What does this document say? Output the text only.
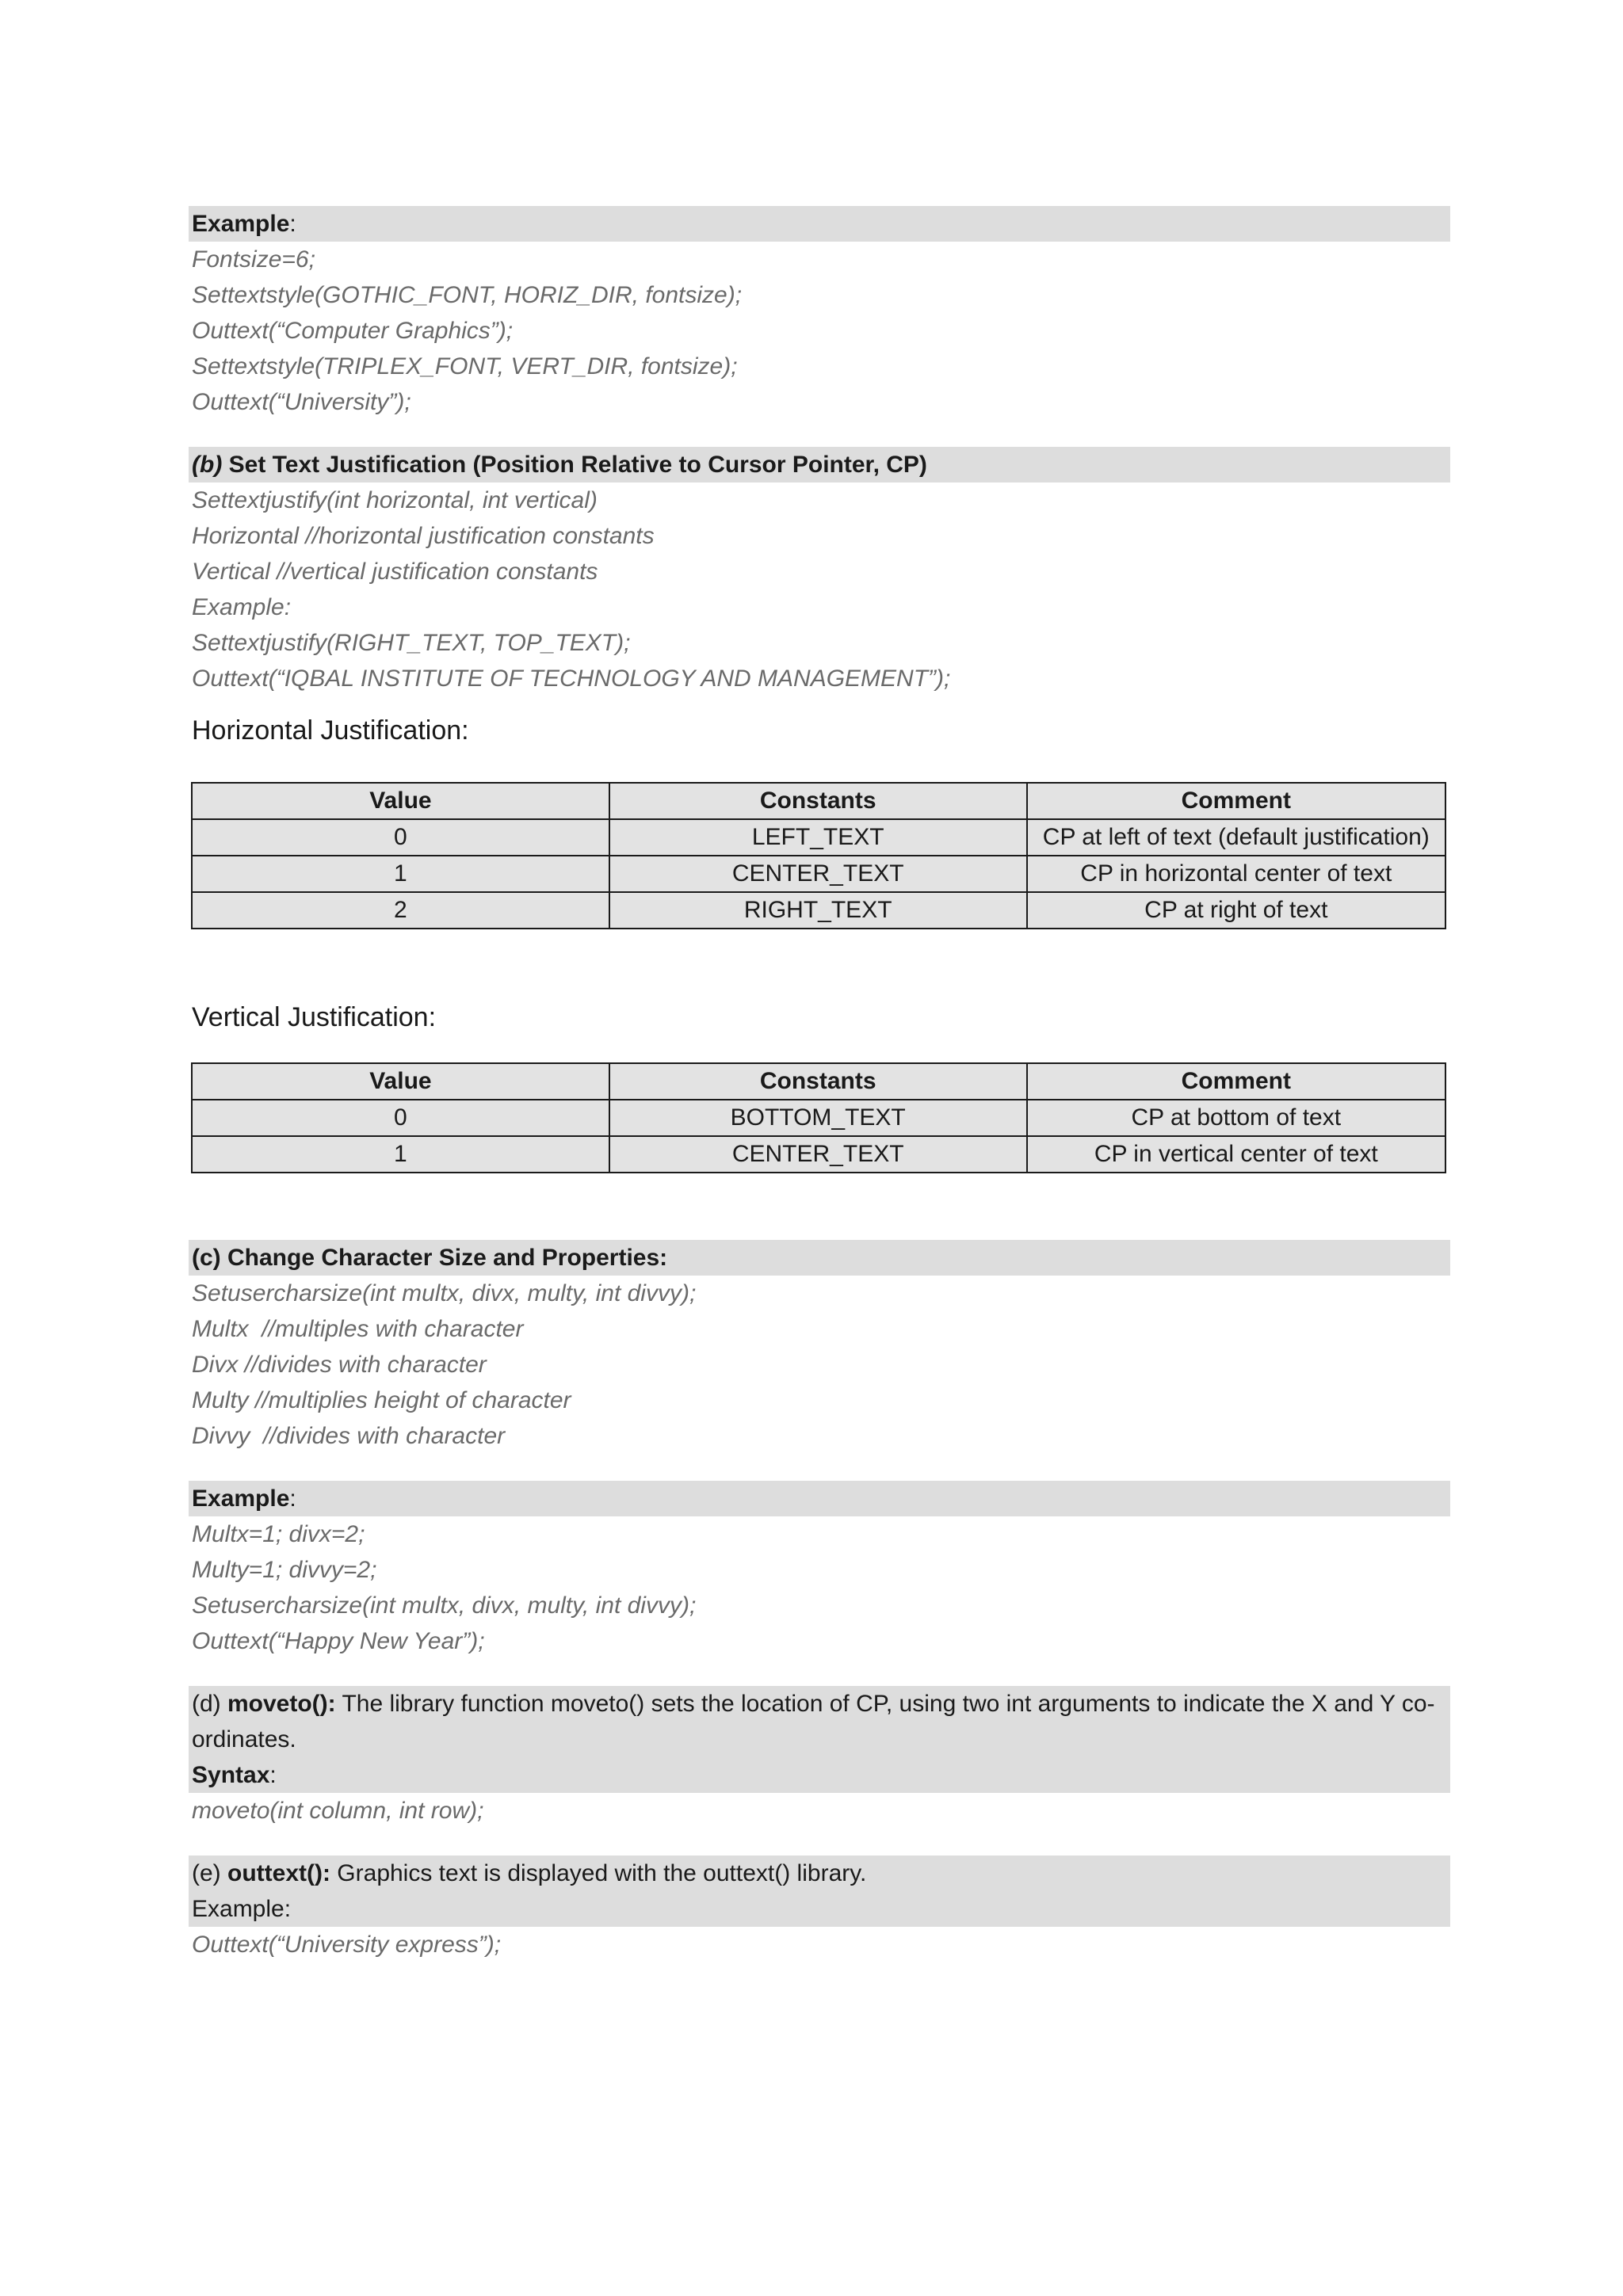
Example:
Fontsize=6;
Settextstyle(GOTHIC_FONT, HORIZ_DIR, fontsize);
Outtext(“Computer Graphics”);
Settextstyle(TRIPLEX_FONT, VERT_DIR, fontsize);
Outtext(“University”);
(b) Set Text Justification (Position Relative to Cursor Pointer, CP)
Settextjustify(int horizontal, int vertical)
Horizontal //horizontal justification constants
Vertical //vertical justification constants
Example:
Settextjustify(RIGHT_TEXT, TOP_TEXT);
Outtext(“IQBAL INSTITUTE OF TECHNOLOGY AND MANAGEMENT”);
Horizontal Justification:
Value	Constants	Comment
0	LEFT_TEXT	CP at left of text (default justification)
1	CENTER_TEXT	CP in horizontal center of text
2	RIGHT_TEXT	CP at right of text
Vertical Justification:
Value	Constants	Comment
0	BOTTOM_TEXT	CP at bottom of text
1	CENTER_TEXT	CP in vertical center of text
(c) Change Character Size and Properties:
Setusercharsize(int multx, divx, multy, int divvy);
Multx  //multiples with character
Divx //divides with character
Multy //multiplies height of character
Divvy  //divides with character
Example:
Multx=1; divx=2;
Multy=1; divvy=2;
Setusercharsize(int multx, divx, multy, int divvy);
Outtext(“Happy New Year”);
(d) moveto(): The library function moveto() sets the location of CP, using two int arguments to indicate the X and Y co-ordinates.
Syntax:
moveto(int column, int row);
(e) outtext(): Graphics text is displayed with the outtext() library.
Example:
Outtext(“University express”);
